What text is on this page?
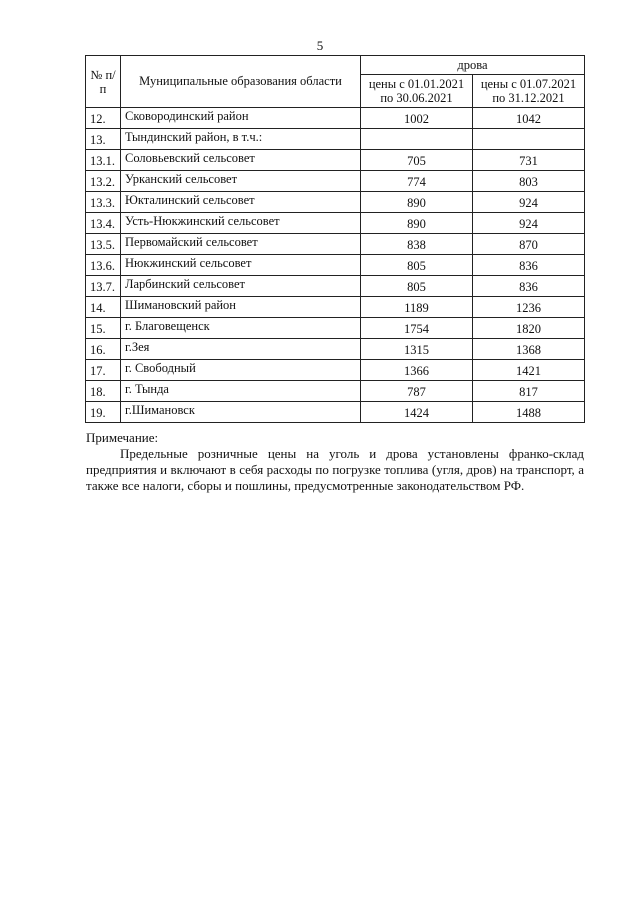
5
№ п/п	Муниципальные образования области	дрова	
		цены с 01.01.2021 по 30.06.2021	цены с 01.07.2021 по 31.12.2021
12.	Сковородинский район	1002	1042
13.	Тындинский район, в т.ч.:		
13.1.	Соловьевский сельсовет	705	731
13.2.	Урканский сельсовет	774	803
13.3.	Юкталинский сельсовет	890	924
13.4.	Усть-Нюкжинский сельсовет	890	924
13.5.	Первомайский сельсовет	838	870
13.6.	Нюкжинский сельсовет	805	836
13.7.	Ларбинский сельсовет	805	836
14.	Шимановский район	1189	1236
15.	г. Благовещенск	1754	1820
16.	г.Зея	1315	1368
17.	г. Свободный	1366	1421
18.	г. Тында	787	817
19.	г.Шимановск	1424	1488
Примечание:
Предельные розничные цены на уголь и дрова установлены франко-склад предприятия и включают в себя расходы по погрузке топлива (угля, дров) на транспорт, а также все налоги, сборы и пошлины, предусмотренные законодательством РФ.
